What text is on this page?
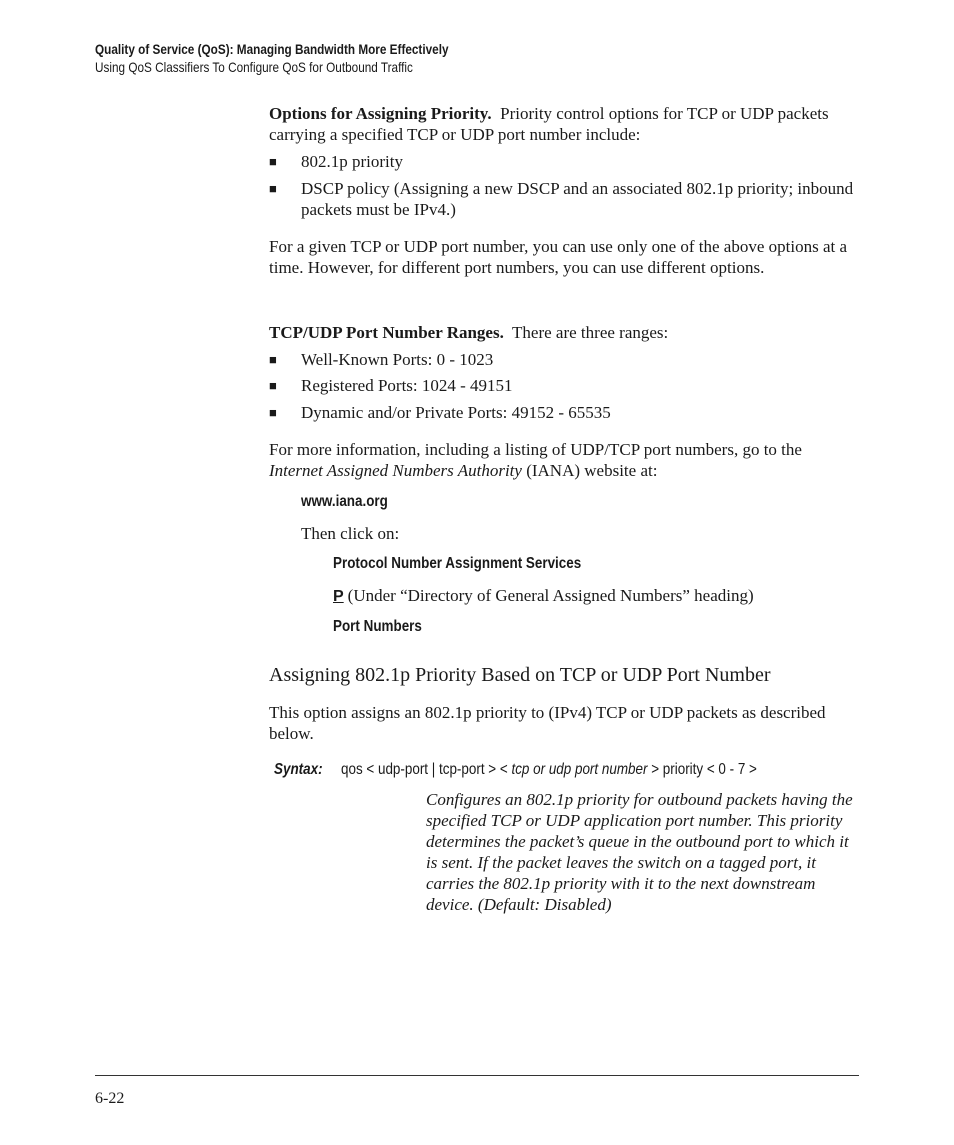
Quality of Service (QoS): Managing Bandwidth More Effectively
Using QoS Classifiers To Configure QoS for Outbound Traffic
Options for Assigning Priority. Priority control options for TCP or UDP packets carrying a specified TCP or UDP port number include:
■ 802.1p priority
■ DSCP policy (Assigning a new DSCP and an associated 802.1p priority; inbound packets must be IPv4.)
For a given TCP or UDP port number, you can use only one of the above options at a time. However, for different port numbers, you can use different options.
TCP/UDP Port Number Ranges. There are three ranges:
■ Well-Known Ports: 0 - 1023
■ Registered Ports: 1024 - 49151
■ Dynamic and/or Private Ports: 49152 - 65535
For more information, including a listing of UDP/TCP port numbers, go to the Internet Assigned Numbers Authority (IANA) website at:
www.iana.org
Then click on:
Protocol Number Assignment Services
P (Under “Directory of General Assigned Numbers” heading)
Port Numbers
Assigning 802.1p Priority Based on TCP or UDP Port Number
This option assigns an 802.1p priority to (IPv4) TCP or UDP packets as described below.
Syntax:	qos < udp-port | tcp-port > < tcp or udp port number > priority < 0 - 7 >
Configures an 802.1p priority for outbound packets having the specified TCP or UDP application port number. This priority determines the packet’s queue in the outbound port to which it is sent. If the packet leaves the switch on a tagged port, it carries the 802.1p priority with it to the next downstream device. (Default: Disabled)
6-22
